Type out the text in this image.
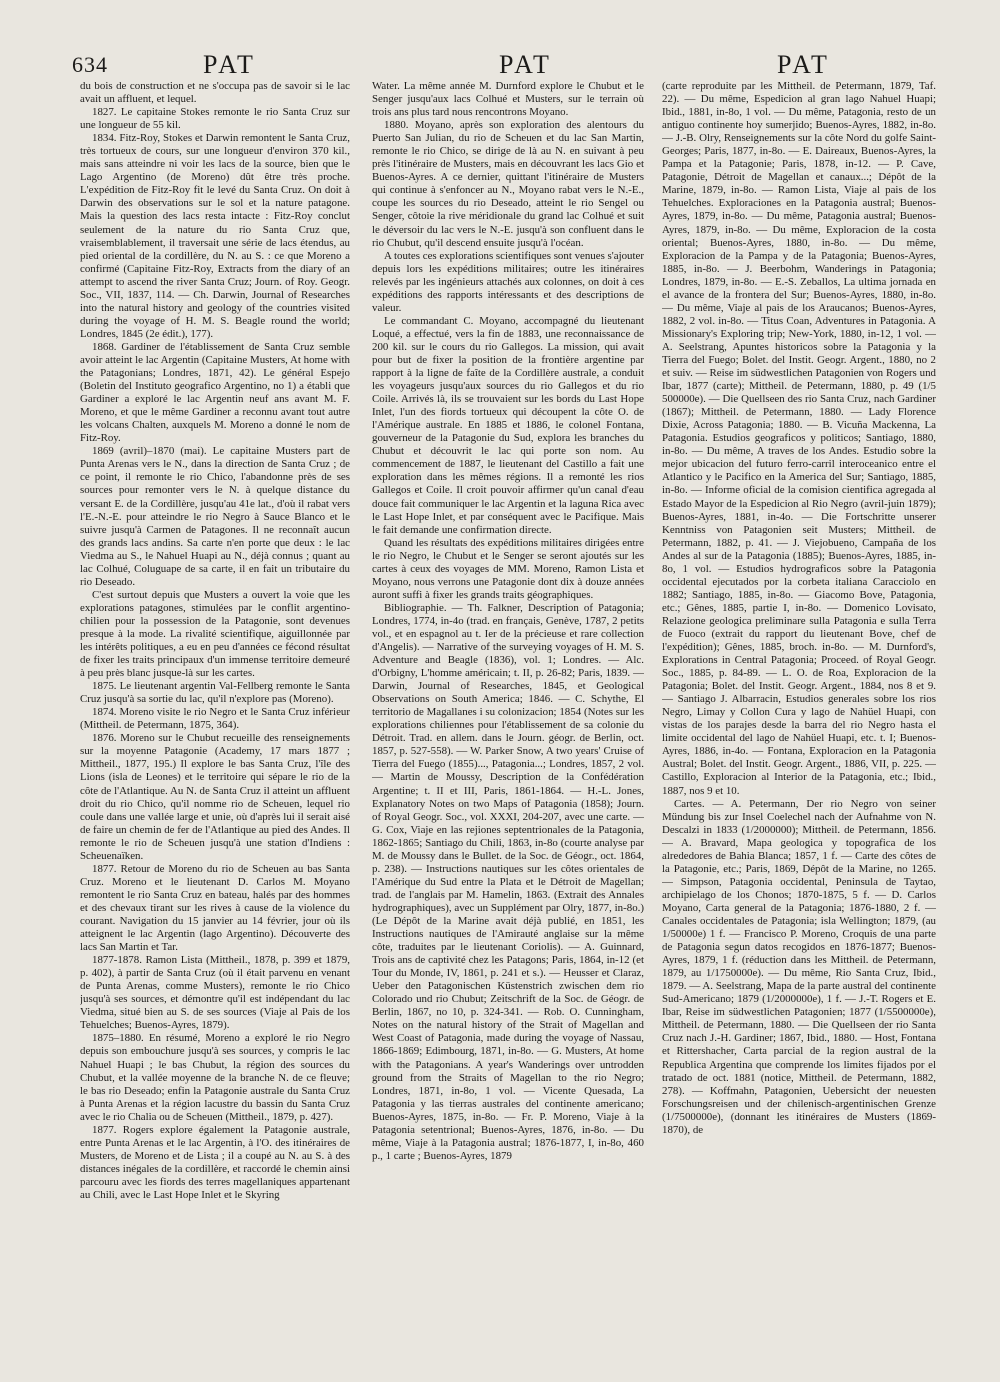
634	PAT	PAT	PAT

du bois de construction et ne s'occupa pas de savoir si le lac avait un affluent, et lequel.

1827. Le capitaine Stokes remonte le rio Santa Cruz sur une longueur de 55 kil.

1834. Fitz-Roy, Stokes et Darwin remontent le Santa Cruz, très tortueux de cours, sur une longueur d'environ 370 kil., mais sans atteindre ni voir les lacs de la source, bien que le Lago Argentino (de Moreno) dût être très proche. L'expédition de Fitz-Roy fit le levé du Santa Cruz. On doit à Darwin des observations sur le sol et la nature patagone. Mais la question des lacs resta intacte : Fitz-Roy conclut seulement de la nature du rio Santa Cruz que, vraisemblablement, il traversait une série de lacs étendus, au pied oriental de la cordillère, du N. au S. : ce que Moreno a confirmé (Capitaine Fitz-Roy, Extracts from the diary of an attempt to ascend the river Santa Cruz; Journ. of Roy. Geogr. Soc., VII, 1837, 114. — Ch. Darwin, Journal of Researches into the natural history and geology of the countries visited during the voyage of H. M. S. Beagle round the world; Londres, 1845 (2e édit.), 177).

1868. Gardiner de l'établissement de Santa Cruz semble avoir atteint le lac Argentin (Capitaine Musters, At home with the Patagonians; Londres, 1871, 42). Le général Espejo (Boletin del Instituto geografico Argentino, no 1) a établi que Gardiner a exploré le lac Argentin neuf ans avant M. F. Moreno, et que le même Gardiner a reconnu avant tout autre les volcans Chalten, auxquels M. Moreno a donné le nom de Fitz-Roy.

1869 (avril)–1870 (mai). Le capitaine Musters part de Punta Arenas vers le N., dans la direction de Santa Cruz ; de ce point, il remonte le rio Chico, l'abandonne près de ses sources pour remonter vers le N. à quelque distance du versant E. de la Cordillère, jusqu'au 41e lat., d'où il rabat vers l'E.-N.-E. pour atteindre le rio Negro à Sauce Blanco et le suivre jusqu'à Carmen de Patagones. Il ne reconnaît aucun des grands lacs andins. Sa carte n'en porte que deux : le lac Viedma au S., le Nahuel Huapi au N., déjà connus ; quant au lac Colhué, Coluguape de sa carte, il en fait un tributaire du rio Deseado.

C'est surtout depuis que Musters a ouvert la voie que les explorations patagones, stimulées par le conflit argentino-chilien pour la possession de la Patagonie, sont devenues presque à la mode. La rivalité scientifique, aiguillonnée par les intérêts politiques, a eu en peu d'années ce fécond résultat de fixer les traits principaux d'un immense territoire demeuré à peu près blanc jusque-là sur les cartes.

1875. Le lieutenant argentin Val-Fellberg remonte le Santa Cruz jusqu'à sa sortie du lac, qu'il n'explore pas (Moreno).

1874. Moreno visite le rio Negro et le Santa Cruz inférieur (Mittheil. de Petermann, 1875, 364).

1876. Moreno sur le Chubut recueille des renseignements sur la moyenne Patagonie (Academy, 17 mars 1877 ; Mittheil., 1877, 195.) Il explore le bas Santa Cruz, l'île des Lions (isla de Leones) et le territoire qui sépare le rio de la côte de l'Atlantique. Au N. de Santa Cruz il atteint un affluent droit du rio Chico, qu'il nomme rio de Scheuen, lequel rio coule dans une vallée large et unie, où d'après lui il serait aisé de faire un chemin de fer de l'Atlantique au pied des Andes. Il remonte le rio de Scheuen jusqu'à une station d'Indiens : Scheuenaïken.

1877. Retour de Moreno du rio de Scheuen au bas Santa Cruz. Moreno et le lieutenant D. Carlos M. Moyano remontent le rio Santa Cruz en bateau, halés par des hommes et des chevaux tirant sur les rives à cause de la violence du courant. Navigation du 15 janvier au 14 février, jour où ils atteignent le lac Argentin (lago Argentino). Découverte des lacs San Martin et Tar.

1877-1878. Ramon Lista (Mittheil., 1878, p. 399 et 1879, p. 402), à partir de Santa Cruz (où il était parvenu en venant de Punta Arenas, comme Musters), remonte le rio Chico jusqu'à ses sources, et démontre qu'il est indépendant du lac Viedma, situé bien au S. de ses sources (Viaje al Pais de los Tehuelches; Buenos-Ayres, 1879).

1875–1880. En résumé, Moreno a exploré le rio Negro depuis son embouchure jusqu'à ses sources, y compris le lac Nahuel Huapi ; le bas Chubut, la région des sources du Chubut, et la vallée moyenne de la branche N. de ce fleuve; le bas rio Deseado; enfin la Patagonie australe du Santa Cruz à Punta Arenas et la région lacustre du bassin du Santa Cruz avec le rio Chalia ou de Scheuen (Mittheil., 1879, p. 427).

1877. Rogers explore également la Patagonie australe, entre Punta Arenas et le lac Argentin, à l'O. des itinéraires de Musters, de Moreno et de Lista ; il a coupé au N. au S. à des distances inégales de la cordillère, et raccordé le chemin ainsi parcouru avec les fiords des terres magellaniques appartenant au Chili, avec le Last Hope Inlet et le Skyring

Water. La même année M. Durnford explore le Chubut et le Senger jusqu'aux lacs Colhué et Musters, sur le terrain où trois ans plus tard nous rencontrons Moyano.

1880. Moyano, après son exploration des alentours du Puerto San Julian, du rio de Scheuen et du lac San Martin, remonte le rio Chico, se dirige de là au N. en suivant à peu près l'itinéraire de Musters, mais en découvrant les lacs Gio et Buenos-Ayres. A ce dernier, quittant l'itinéraire de Musters qui continue à s'enfoncer au N., Moyano rabat vers le N.-E., coupe les sources du rio Deseado, atteint le rio Sengel ou Senger, côtoie la rive méridionale du grand lac Colhué et suit le déversoir du lac vers le N.-E. jusqu'à son confluent dans le rio Chubut, qu'il descend ensuite jusqu'à l'océan.

A toutes ces explorations scientifiques sont venues s'ajouter depuis lors les expéditions militaires; outre les itinéraires relevés par les ingénieurs attachés aux colonnes, on doit à ces expéditions des rapports intéressants et des descriptions de valeur.

Le commandant C. Moyano, accompagné du lieutenant Loqué, a effectué, vers la fin de 1883, une reconnaissance de 200 kil. sur le cours du rio Gallegos. La mission, qui avait pour but de fixer la position de la frontière argentine par rapport à la ligne de faîte de la Cordillère australe, a conduit les voyageurs jusqu'aux sources du rio Gallegos et du rio Coile. Arrivés là, ils se trouvaient sur les bords du Last Hope Inlet, l'un des fiords tortueux qui découpent la côte O. de l'Amérique australe. En 1885 et 1886, le colonel Fontana, gouverneur de la Patagonie du Sud, explora les branches du Chubut et découvrit le lac qui porte son nom. Au commencement de 1887, le lieutenant del Castillo a fait une exploration dans les mêmes régions. Il a remonté les rios Gallegos et Coile. Il croit pouvoir affirmer qu'un canal d'eau douce fait communiquer le lac Argentin et la laguna Rica avec le Last Hope Inlet, et par conséquent avec le Pacifique. Mais le fait demande une confirmation directe.

Quand les résultats des expéditions militaires dirigées entre le rio Negro, le Chubut et le Senger se seront ajoutés sur les cartes à ceux des voyages de MM. Moreno, Ramon Lista et Moyano, nous verrons une Patagonie dont dix à douze années auront suffi à fixer les grands traits géographiques.

Bibliographie. — Th. Falkner, Description of Patagonia; Londres, 1774, in-4o (trad. en français, Genève, 1787, 2 petits vol., et en espagnol au t. Ier de la précieuse et rare collection d'Angelis). — Narrative of the surveying voyages of H. M. S. Adventure and Beagle (1836), vol. 1; Londres. — Alc. d'Orbigny, L'homme américain; t. II, p. 26-82; Paris, 1839. — Darwin, Journal of Researches, 1845, et Geological Observations on South America; 1846. — C. Schythe, El territorio de Magallanes i su colonizacion; 1854 (Notes sur les explorations chiliennes pour l'établissement de sa colonie du Détroit. Trad. en allem. dans le Journ. géogr. de Berlin, oct. 1857, p. 527-558). — W. Parker Snow, A two years' Cruise of Tierra del Fuego (1855)..., Patagonia...; Londres, 1857, 2 vol. — Martin de Moussy, Description de la Confédération Argentine; t. II et III, Paris, 1861-1864. — H.-L. Jones, Explanatory Notes on two Maps of Patagonia (1858); Journ. of Royal Geogr. Soc., vol. XXXI, 204-207, avec une carte. — G. Cox, Viaje en las rejiones septentrionales de la Patagonia, 1862-1865; Santiago du Chili, 1863, in-8o (courte analyse par M. de Moussy dans le Bullet. de la Soc. de Géogr., oct. 1864, p. 238). — Instructions nautiques sur les côtes orientales de l'Amérique du Sud entre la Plata et le Détroit de Magellan; trad. de l'anglais par M. Hamelin, 1863. (Extrait des Annales hydrographiques), avec un Supplément par Olry, 1877, in-8o.) (Le Dépôt de la Marine avait déjà publié, en 1851, les Instructions nautiques de l'Amirauté anglaise sur la même côte, traduites par le lieutenant Coriolis). — A. Guinnard, Trois ans de captivité chez les Patagons; Paris, 1864, in-12 (et Tour du Monde, IV, 1861, p. 241 et s.). — Heusser et Claraz, Ueber den Patagonischen Küstenstrich zwischen dem rio Colorado und rio Chubut; Zeitschrift de la Soc. de Géogr. de Berlin, 1867, no 10, p. 324-341. — Rob. O. Cunningham, Notes on the natural history of the Strait of Magellan and West Coast of Patagonia, made during the voyage of Nassau, 1866-1869; Edimbourg, 1871, in-8o. — G. Musters, At home with the Patagonians. A year's Wanderings over untrodden ground from the Straits of Magellan to the rio Negro; Londres, 1871, in-8o, 1 vol. — Vicente Quesada, La Patagonia y las tierras australes del continente americano; Buenos-Ayres, 1875, in-8o. — Fr. P. Moreno, Viaje à la Patagonia setentrional; Buenos-Ayres, 1876, in-8o. — Du même, Viaje à la Patagonia austral; 1876-1877, I, in-8o, 460 p., 1 carte ; Buenos-Ayres, 1879

(carte reproduite par les Mittheil. de Petermann, 1879, Taf. 22). — Du même, Espedicion al gran lago Nahuel Huapi; Ibid., 1881, in-8o, 1 vol. — Du même, Patagonia, resto de un antiguo continente hoy sumerjido; Buenos-Ayres, 1882, in-8o. — J.-B. Olry, Renseignements sur la côte Nord du golfe Saint-Georges; Paris, 1877, in-8o. — E. Daireaux, Buenos-Ayres, la Pampa et la Patagonie; Paris, 1878, in-12. — P. Cave, Patagonie, Détroit de Magellan et canaux...; Dépôt de la Marine, 1879, in-8o. — Ramon Lista, Viaje al pais de los Tehuelches. Exploraciones en la Patagonia austral; Buenos-Ayres, 1879, in-8o. — Du même, Patagonia austral; Buenos-Ayres, 1879, in-8o. — Du même, Exploracion de la costa oriental; Buenos-Ayres, 1880, in-8o. — Du même, Exploracion de la Pampa y de la Patagonia; Buenos-Ayres, 1885, in-8o. — J. Beerbohm, Wanderings in Patagonia; Londres, 1879, in-8o. — E.-S. Zeballos, La ultima jornada en el avance de la frontera del Sur; Buenos-Ayres, 1880, in-8o. — Du même, Viaje al pais de los Araucanos; Buenos-Ayres, 1882, 2 vol. in-8o. — Titus Coan, Adventures in Patagonia. A Missionary's Exploring trip; New-York, 1880, in-12, 1 vol. — A. Seelstrang, Apuntes historicos sobre la Patagonia y la Tierra del Fuego; Bolet. del Instit. Geogr. Argent., 1880, no 2 et suiv. — Reise im südwestlichen Patagonien von Rogers und Ibar, 1877 (carte); Mittheil. de Petermann, 1880, p. 49 (1/5 500000e). — Die Quellseen des rio Santa Cruz, nach Gardiner (1867); Mittheil. de Petermann, 1880. — Lady Florence Dixie, Across Patagonia; 1880. — B. Vicuña Mackenna, La Patagonia. Estudios geograficos y politicos; Santiago, 1880, in-8o. — Du même, A traves de los Andes. Estudio sobre la mejor ubicacion del futuro ferro-carril interoceanico entre el Atlantico y le Pacifico en la America del Sur; Santiago, 1885, in-8o. — Informe oficial de la comision cientifica agregada al Estado Mayor de la Espedicion al Rio Negro (avril-juin 1879); Buenos-Ayres, 1881, in-4o. — Die Fortschritte unserer Kenntniss von Patagonien seit Musters; Mittheil. de Petermann, 1882, p. 41. — J. Viejobueno, Campaña de los Andes al sur de la Patagonia (1885); Buenos-Ayres, 1885, in-8o, 1 vol. — Estudios hydrograficos sobre la Patagonia occidental ejecutados por la corbeta italiana Caracciolo en 1882; Santiago, 1885, in-8o. — Giacomo Bove, Patagonia, etc.; Gênes, 1885, partie I, in-8o. — Domenico Lovisato, Relazione geologica preliminare sulla Patagonia e sulla Terra de Fuoco (extrait du rapport du lieutenant Bove, chef de l'expédition); Gênes, 1885, broch. in-8o. — M. Durnford's, Explorations in Central Patagonia; Proceed. of Royal Geogr. Soc., 1885, p. 84-89. — L. O. de Roa, Exploracion de la Patagonia; Bolet. del Instit. Geogr. Argent., 1884, nos 8 et 9. — Santiago J. Albarracin, Estudios generales sobre los rios Negro, Limay y Collon Cura y lago de Nahüel Huapi, con vistas de los parajes desde la barra del rio Negro hasta el limite occidental del lago de Nahüel Huapi, etc. t. I; Buenos-Ayres, 1886, in-4o. — Fontana, Exploracion en la Patagonia Austral; Bolet. del Instit. Geogr. Argent., 1886, VII, p. 225. — Castillo, Exploracion al Interior de la Patagonia, etc.; Ibid., 1887, nos 9 et 10.

Cartes. — A. Petermann, Der rio Negro von seiner Mündung bis zur Insel Coelechel nach der Aufnahme von N. Descalzi in 1833 (1/2000000); Mittheil. de Petermann, 1856. — A. Bravard, Mapa geologica y topografica de los alrededores de Bahia Blanca; 1857, 1 f. — Carte des côtes de la Patagonie, etc.; Paris, 1869, Dépôt de la Marine, no 1265. — Simpson, Patagonia occidental, Peninsula de Taytao, archipielago de los Chonos; 1870-1875, 5 f. — D. Carlos Moyano, Carta general de la Patagonia; 1876-1880, 2 f. — Canales occidentales de Patagonia; isla Wellington; 1879, (au 1/50000e) 1 f. — Francisco P. Moreno, Croquis de una parte de Patagonia segun datos recogidos en 1876-1877; Buenos-Ayres, 1879, 1 f. (réduction dans les Mittheil. de Petermann, 1879, au 1/1750000e). — Du même, Rio Santa Cruz, Ibid., 1879. — A. Seelstrang, Mapa de la parte austral del continente Sud-Americano; 1879 (1/2000000e), 1 f. — J.-T. Rogers et E. Ibar, Reise im südwestlichen Patagonien; 1877 (1/5500000e), Mittheil. de Petermann, 1880. — Die Quellseen der rio Santa Cruz nach J.-H. Gardiner; 1867, Ibid., 1880. — Host, Fontana et Rittershacher, Carta parcial de la region austral de la Republica Argentina que comprende los limites fijados por el tratado de oct. 1881 (notice, Mittheil. de Petermann, 1882, 278). — Koffmahn, Patagonien, Uebersicht der neuesten Forschungsreisen und der chilenisch-argentinischen Grenze (1/7500000e), (donnant les itinéraires de Musters (1869-1870), de
